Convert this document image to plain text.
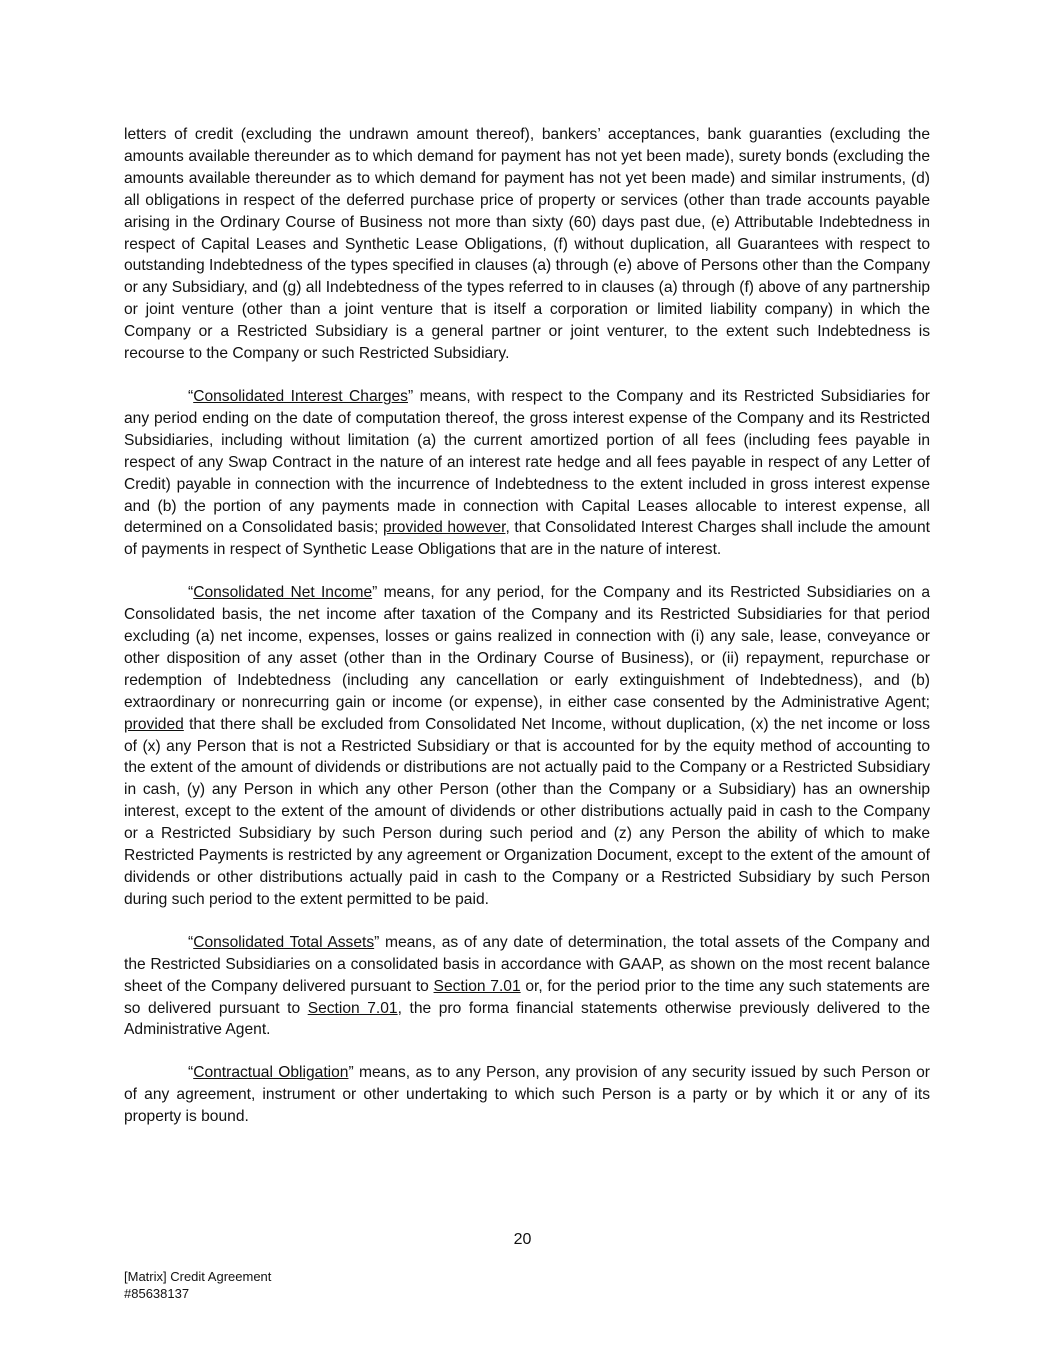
letters of credit (excluding the undrawn amount thereof), bankers’ acceptances, bank guaranties (excluding the amounts available thereunder as to which demand for payment has not yet been made), surety bonds (excluding the amounts available thereunder as to which demand for payment has not yet been made) and similar instruments, (d) all obligations in respect of the deferred purchase price of property or services (other than trade accounts payable arising in the Ordinary Course of Business not more than sixty (60) days past due, (e) Attributable Indebtedness in respect of Capital Leases and Synthetic Lease Obligations, (f) without duplication, all Guarantees with respect to outstanding Indebtedness of the types specified in clauses (a) through (e) above of Persons other than the Company or any Subsidiary, and (g) all Indebtedness of the types referred to in clauses (a) through (f) above of any partnership or joint venture (other than a joint venture that is itself a corporation or limited liability company) in which the Company or a Restricted Subsidiary is a general partner or joint venturer, to the extent such Indebtedness is recourse to the Company or such Restricted Subsidiary.

“Consolidated Interest Charges” means, with respect to the Company and its Restricted Subsidiaries for any period ending on the date of computation thereof, the gross interest expense of the Company and its Restricted Subsidiaries, including without limitation (a) the current amortized portion of all fees (including fees payable in respect of any Swap Contract in the nature of an interest rate hedge and all fees payable in respect of any Letter of Credit) payable in connection with the incurrence of Indebtedness to the extent included in gross interest expense and (b) the portion of any payments made in connection with Capital Leases allocable to interest expense, all determined on a Consolidated basis; provided however, that Consolidated Interest Charges shall include the amount of payments in respect of Synthetic Lease Obligations that are in the nature of interest.

“Consolidated Net Income” means, for any period, for the Company and its Restricted Subsidiaries on a Consolidated basis, the net income after taxation of the Company and its Restricted Subsidiaries for that period excluding (a) net income, expenses, losses or gains realized in connection with (i) any sale, lease, conveyance or other disposition of any asset (other than in the Ordinary Course of Business), or (ii) repayment, repurchase or redemption of Indebtedness (including any cancellation or early extinguishment of Indebtedness), and (b) extraordinary or nonrecurring gain or income (or expense), in either case consented by the Administrative Agent; provided that there shall be excluded from Consolidated Net Income, without duplication, (x) the net income or loss of (x) any Person that is not a Restricted Subsidiary or that is accounted for by the equity method of accounting to the extent of the amount of dividends or distributions are not actually paid to the Company or a Restricted Subsidiary in cash, (y) any Person in which any other Person (other than the Company or a Subsidiary) has an ownership interest, except to the extent of the amount of dividends or other distributions actually paid in cash to the Company or a Restricted Subsidiary by such Person during such period and (z) any Person the ability of which to make Restricted Payments is restricted by any agreement or Organization Document, except to the extent of the amount of dividends or other distributions actually paid in cash to the Company or a Restricted Subsidiary by such Person during such period to the extent permitted to be paid.

“Consolidated Total Assets” means, as of any date of determination, the total assets of the Company and the Restricted Subsidiaries on a consolidated basis in accordance with GAAP, as shown on the most recent balance sheet of the Company delivered pursuant to Section 7.01 or, for the period prior to the time any such statements are so delivered pursuant to Section 7.01, the pro forma financial statements otherwise previously delivered to the Administrative Agent.

“Contractual Obligation” means, as to any Person, any provision of any security issued by such Person or of any agreement, instrument or other undertaking to which such Person is a party or by which it or any of its property is bound.

20
[Matrix] Credit Agreement
#85638137
